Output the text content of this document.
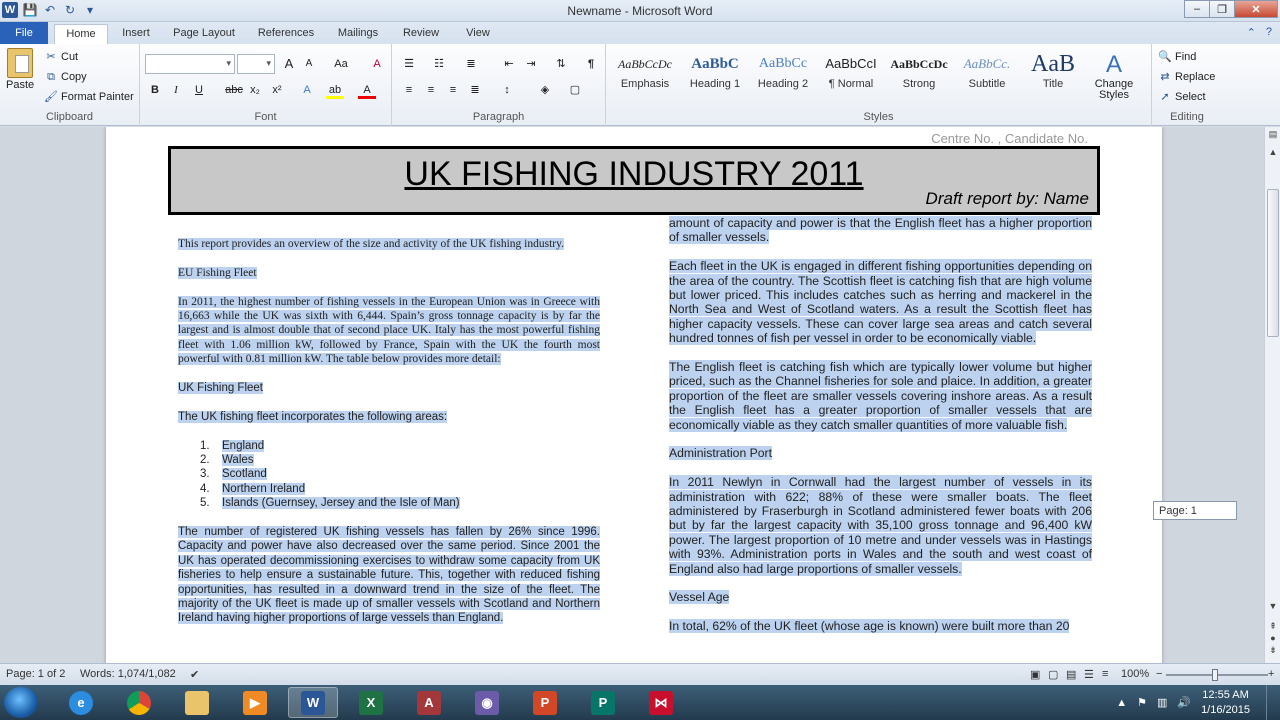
W 💾 ↶ ↻ ▾	Newname - Microsoft Word	–	❐	✕
File	Home	Insert	Page Layout	References	Mailings	Review	View	⌃ ?
Paste
✂ Cut
⧉ Copy
🖌 Format Painter
Clipboard
▾
▾
A	A	Aa	A
B	I	U	abc x₂	x²	A	ab	A
Font
☰	☷	≣	⇤	⇥	⇅	¶
≡	≡	≡	≣	↕	◈	▢
Paragraph
AaBbCcDc
Emphasis
AaBbC
Heading 1
AaBbCc
Heading 2
AaBbCcI
¶ Normal
AaBbCcDc
Strong
AaBbCc.
Subtitle
AaB
Title
A
Change Styles
Styles
🔍 Find
⇄ Replace
➚ Select
Editing
Centre No. , Candidate No.
UK FISHING INDUSTRY 2011
Draft report by: Name

This report provides an overview of the size and activity of the UK fishing industry.

EU Fishing Fleet

In 2011, the highest number of fishing vessels in the European Union was in Greece with 16,663 while the UK was sixth with 6,444. Spain’s gross tonnage capacity is by far the largest and is almost double that of second place UK. Italy has the most powerful fishing fleet with 1.06 million kW, followed by France, Spain with the UK the fourth most powerful with 0.81 million kW. The table below provides more detail:

UK Fishing Fleet

The UK fishing fleet incorporates the following areas:

1. England
2. Wales
3. Scotland
4. Northern Ireland
5. Islands (Guernsey, Jersey and the Isle of Man)

The number of registered UK fishing vessels has fallen by 26% since 1996. Capacity and power have also decreased over the same period. Since 2001 the UK has operated decommissioning exercises to withdraw some capacity from UK fisheries to help ensure a sustainable future. This, together with reduced fishing opportunities, has resulted in a downward trend in the size of the fleet. The majority of the UK fleet is made up of smaller vessels with Scotland and Northern Ireland having higher proportions of large vessels than England.

amount of capacity and power is that the English fleet has a higher proportion of smaller vessels.

Each fleet in the UK is engaged in different fishing opportunities depending on the area of the country. The Scottish fleet is catching fish that are high volume but lower priced. This includes catches such as herring and mackerel in the North Sea and West of Scotland waters. As a result the Scottish fleet has higher capacity vessels. These can cover large sea areas and catch several hundred tonnes of fish per vessel in order to be economically viable.

The English fleet is catching fish which are typically lower volume but higher priced, such as the Channel fisheries for sole and plaice. In addition, a greater proportion of the fleet are smaller vessels covering inshore areas. As a result the English fleet has a greater proportion of smaller vessels that are economically viable as they catch smaller quantities of more valuable fish.

Administration Port

In 2011 Newlyn in Cornwall had the largest number of vessels in its administration with 622; 88% of these were smaller boats. The fleet administered by Fraserburgh in Scotland administered fewer boats with 206 but by far the largest capacity with 35,100 gross tonnage and 96,400 kW power. The largest proportion of 10 metre and under vessels was in Hastings with 93%. Administration ports in Wales and the south and west coast of England also had large proportions of smaller vessels.

Vessel Age

In total, 62% of the UK fleet (whose age is known) were built more than 20

Page: 1
▤
▲
▼
⇞
●
⇟
Page: 1 of 2 Words: 1,074/1,082 ✔	▣ ▢ ▤ ☰ ≡ 100% −	+
e	▶	W	X	A	◉	P	P	⋈	▲ ⚑ ▥ 🔊
12:55 AM
1/16/2015
